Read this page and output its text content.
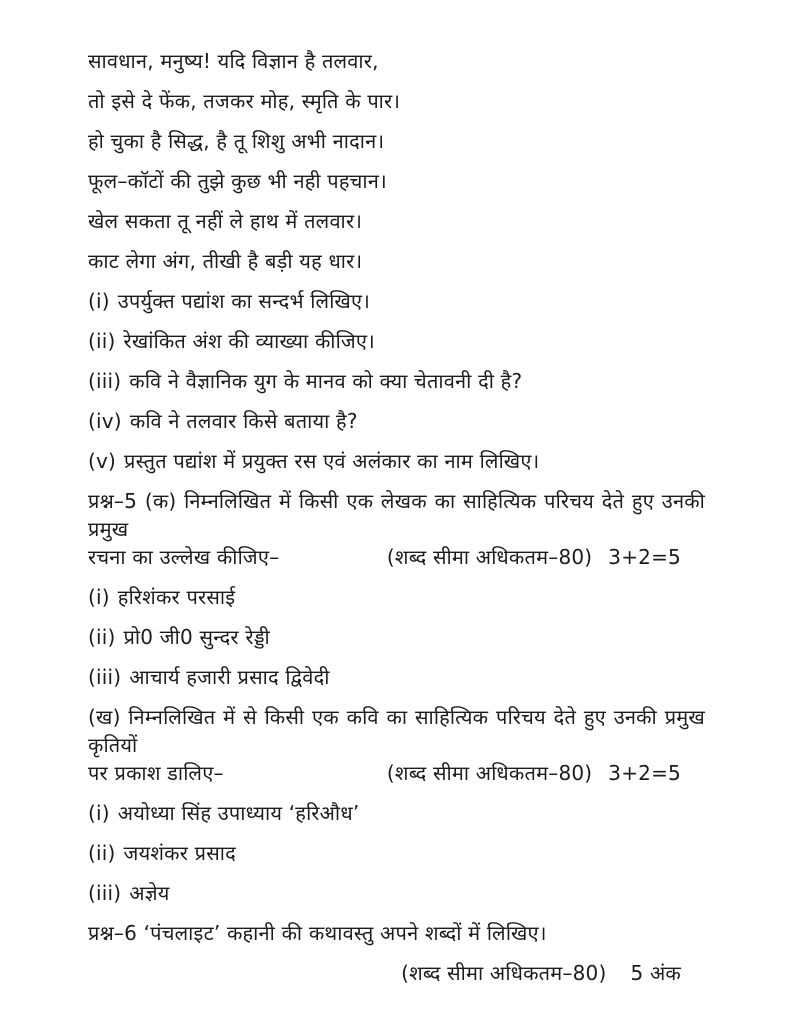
सावधान, मनुष्य! यदि विज्ञान है तलवार,
तो इसे दे फेंक, तजकर मोह, स्मृति के पार।
हो चुका है सिद्ध, है तू शिशु अभी नादान।
फूल–कॉटों की तुझे कुछ भी नही पहचान।
खेल सकता तू नहीं ले हाथ में तलवार।
काट लेगा अंग, तीखी है बड़ी यह धार।
(i) उपर्युक्त पद्यांश का सन्दर्भ लिखिए।
(ii) रेखांकित अंश की व्याख्या कीजिए।
(iii) कवि ने वैज्ञानिक युग के मानव को क्या चेतावनी दी है?
(iv) कवि ने तलवार किसे बताया है?
(v) प्रस्तुत पद्यांश में प्रयुक्त रस एवं अलंकार का नाम लिखिए।
प्रश्न–5 (क) निम्नलिखित में किसी एक लेखक का साहित्यिक परिचय देते हुए उनकी प्रमुख
रचना का उल्लेख कीजिए–	(शब्द सीमा अधिकतम–80) 3+2=5
(i) हरिशंकर परसाई
(ii) प्रो0 जी0 सुन्दर रेड्डी
(iii) आचार्य हजारी प्रसाद द्विवेदी
(ख) निम्नलिखित में से किसी एक कवि का साहित्यिक परिचय देते हुए उनकी प्रमुख कृतियों
पर प्रकाश डालिए–	(शब्द सीमा अधिकतम–80) 3+2=5
(i) अयोध्या सिंह उपाध्याय ‘हरिऔध’
(ii) जयशंकर प्रसाद
(iii) अज्ञेय
प्रश्न–6 ‘पंचलाइट’ कहानी की कथावस्तु अपने शब्दों में लिखिए।
(शब्द सीमा अधिकतम–80) 5 अंक
